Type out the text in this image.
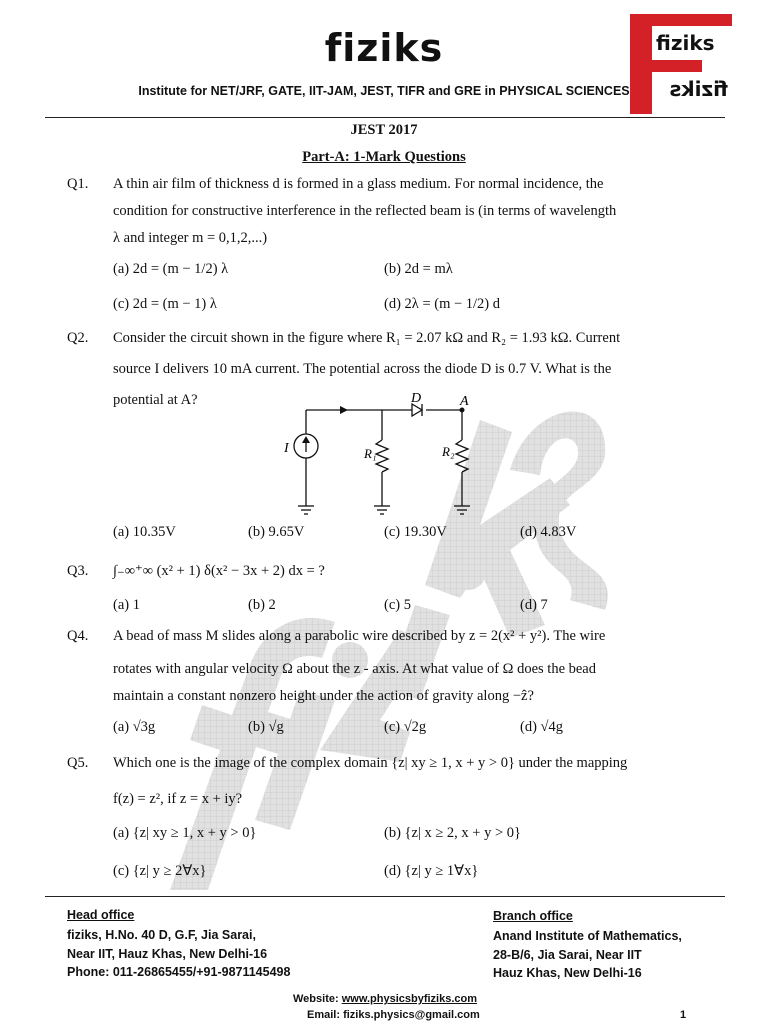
fiziks
Institute for NET/JRF, GATE, IIT-JAM, JEST, TIFR and GRE in PHYSICAL SCIENCES
fiziks
fiziks
JEST 2017
Part-A: 1-Mark Questions
Q1. A thin air film of thickness d is formed in a glass medium. For normal incidence, the
condition for constructive interference in the reflected beam is (in terms of wavelength
λ and integer m = 0,1,2,...)
(a) 2d = (m − 1/2) λ	(b) 2d = mλ
(c) 2d = (m − 1) λ	(d) 2λ = (m − 1/2) d
Q2. Consider the circuit shown in the figure where R₁ = 2.07 kΩ and R₂ = 1.93 kΩ. Current
source I delivers 10 mA current. The potential across the diode D is 0.7 V. What is the
potential at A?
I
D	A
R₁	R₂
(a) 10.35V	(b) 9.65V	(c) 19.30V	(d) 4.83V
Q3. ∫₋∞⁺∞ (x² + 1) δ(x² − 3x + 2) dx = ?
(a) 1	(b) 2	(c) 5	(d) 7
Q4. A bead of mass M slides along a parabolic wire described by z = 2(x² + y²). The wire
rotates with angular velocity Ω about the z - axis. At what value of Ω does the bead
maintain a constant nonzero height under the action of gravity along −ẑ?
(a) √3g	(b) √g	(c) √2g	(d) √4g
Q5. Which one is the image of the complex domain {z| xy ≥ 1, x + y > 0} under the mapping
f(z) = z², if z = x + iy?
(a) {z| xy ≥ 1, x + y > 0}	(b) {z| x ≥ 2, x + y > 0}
(c) {z| y ≥ 2∀x}	(d) {z| y ≥ 1∀x}
Head office
fiziks, H.No. 40 D, G.F, Jia Sarai,
Near IIT, Hauz Khas, New Delhi-16
Phone: 011-26865455/+91-9871145498
Branch office
Anand Institute of Mathematics,
28-B/6, Jia Sarai, Near IIT
Hauz Khas, New Delhi-16
Website: www.physicsbyfiziks.com
Email: fiziks.physics@gmail.com	1
